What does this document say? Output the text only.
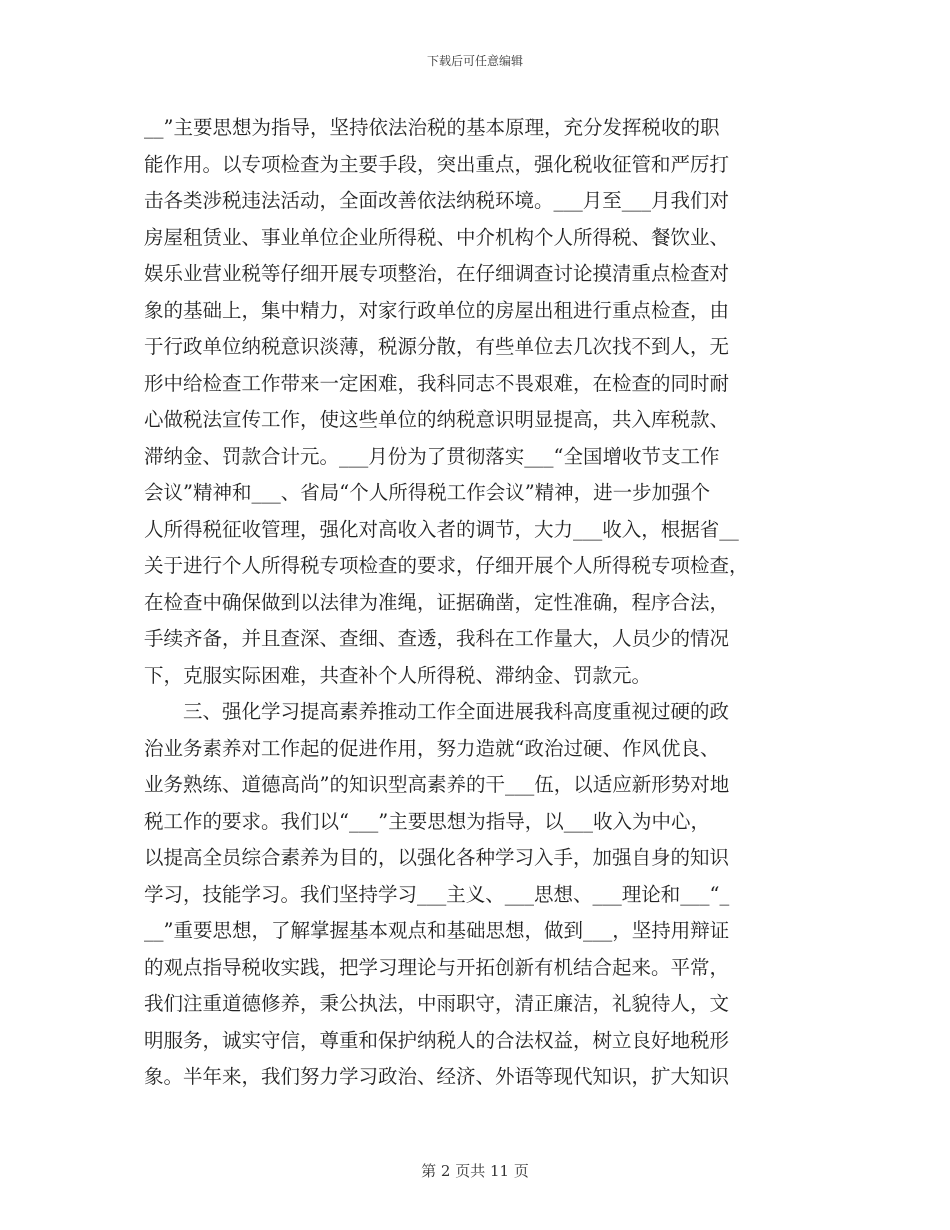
下载后可任意编辑
__”主要思想为指导，坚持依法治税的基本原理，充分发挥税收的职
能作用。以专项检查为主要手段，突出重点，强化税收征管和严厉打
击各类涉税违法活动，全面改善依法纳税环境。___月至___月我们对
房屋租赁业、事业单位企业所得税、中介机构个人所得税、餐饮业、
娱乐业营业税等仔细开展专项整治，在仔细调查讨论摸清重点检查对
象的基础上，集中精力，对家行政单位的房屋出租进行重点检查，由
于行政单位纳税意识淡薄，税源分散，有些单位去几次找不到人，无
形中给检查工作带来一定困难，我科同志不畏艰难，在检查的同时耐
心做税法宣传工作，使这些单位的纳税意识明显提高，共入库税款、
滞纳金、罚款合计元。___月份为了贯彻落实___“全国增收节支工作
会议”精神和___、省局“个人所得税工作会议”精神，进一步加强个
人所得税征收管理，强化对高收入者的调节，大力___收入，根据省__
关于进行个人所得税专项检查的要求，仔细开展个人所得税专项检查，
在检查中确保做到以法律为准绳，证据确凿，定性准确，程序合法，
手续齐备，并且查深、查细、查透，我科在工作量大，人员少的情况
下，克服实际困难，共查补个人所得税、滞纳金、罚款元。
　　三、强化学习提高素养推动工作全面进展我科高度重视过硬的政
治业务素养对工作起的促进作用，努力造就“政治过硬、作风优良、
业务熟练、道德高尚”的知识型高素养的干___伍，以适应新形势对地
税工作的要求。我们以“___”主要思想为指导，以___收入为中心，
以提高全员综合素养为目的，以强化各种学习入手，加强自身的知识
学习，技能学习。我们坚持学习___主义、___思想、___理论和___“_
__”重要思想，了解掌握基本观点和基础思想，做到___，坚持用辩证
的观点指导税收实践，把学习理论与开拓创新有机结合起来。平常，
我们注重道德修养，秉公执法，中雨职守，清正廉洁，礼貌待人，文
明服务，诚实守信，尊重和保护纳税人的合法权益，树立良好地税形
象。半年来，我们努力学习政治、经济、外语等现代知识，扩大知识
第 2 页共 11 页
